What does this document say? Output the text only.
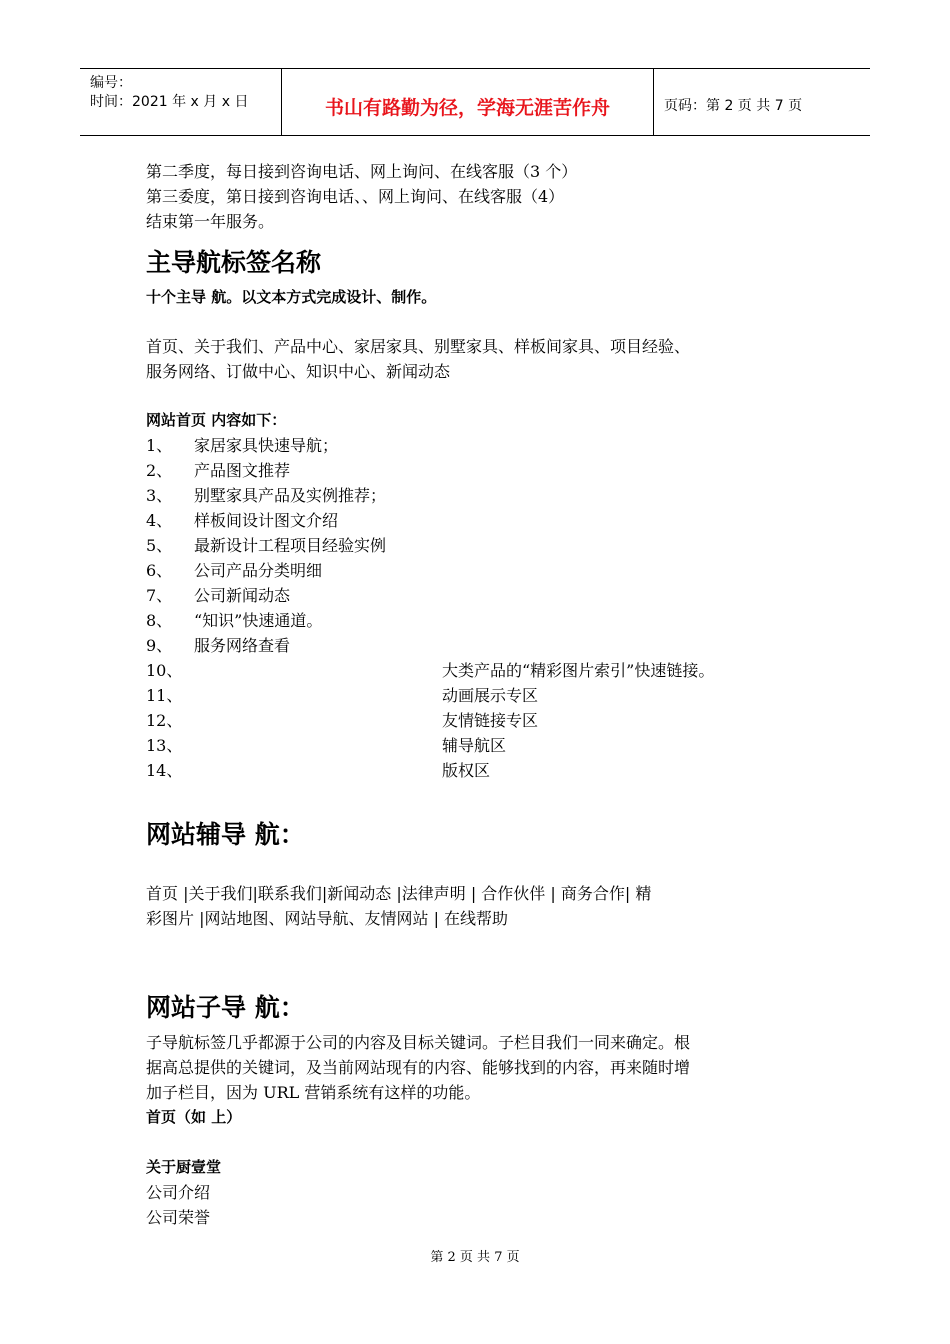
编号：
时间：2021 年 x 月 x 日	书山有路勤为径，学海无涯苦作舟	页码：第 2 页 共 7 页
第二季度，每日接到咨询电话、网上询问、在线客服（3 个）
第三委度，第日接到咨询电话、、网上询问、在线客服（4）
结束第一年服务。
主导航标签名称
十个主导 航。以文本方式完成设计、制作。
首页、关于我们、产品中心、家居家具、别墅家具、样板间家具、项目经验、
服务网络、订做中心、知识中心、新闻动态
网站首页 内容如下：
1、 家居家具快速导航；
2、 产品图文推荐
3、 别墅家具产品及实例推荐；
4、 样板间设计图文介绍
5、 最新设计工程项目经验实例
6、 公司产品分类明细
7、 公司新闻动态
8、 “知识”快速通道。
9、 服务网络查看
10、	大类产品的“精彩图片索引”快速链接。
11、	动画展示专区
12、	友情链接专区
13、	辅导航区
14、	版权区
网站辅导 航：
首页 |关于我们|联系我们|新闻动态 |法律声明 | 合作伙伴 | 商务合作| 精
彩图片 |网站地图、网站导航、友情网站 | 在线帮助
网站子导 航：
子导航标签几乎都源于公司的内容及目标关键词。子栏目我们一同来确定。根
据高总提供的关键词，及当前网站现有的内容、能够找到的内容，再来随时增
加子栏目，因为 URL 营销系统有这样的功能。
首页（如 上）
关于厨壹堂
公司介绍
公司荣誉
第 2 页 共 7 页
